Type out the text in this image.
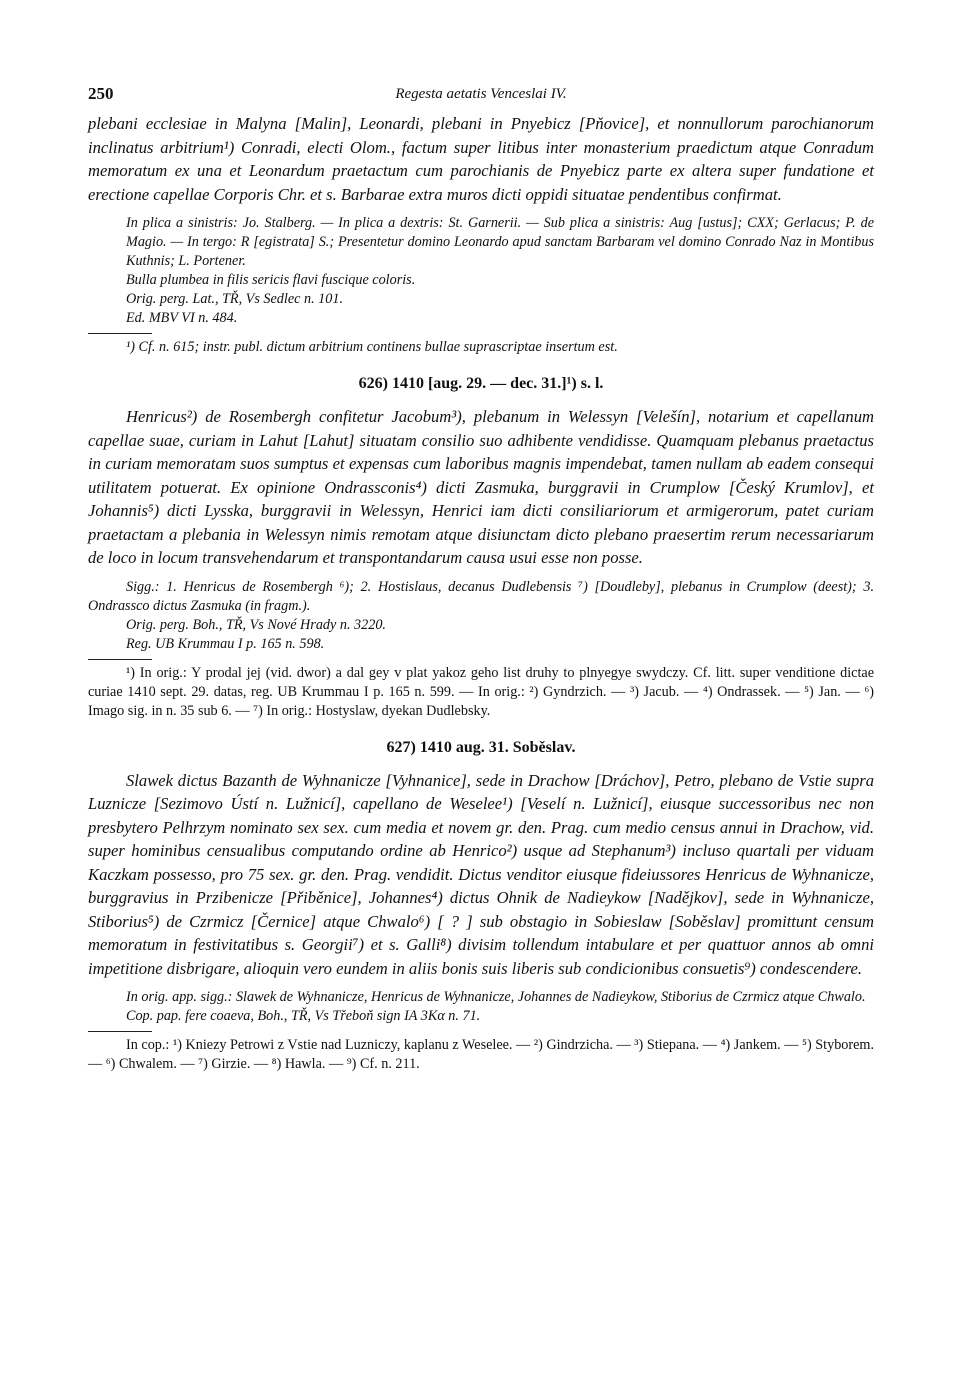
250	Regesta aetatis Venceslai IV.

plebani ecclesiae in Malyna [Malin], Leonardi, plebani in Pnyebicz [Pňovice], et nonnullorum parochianorum inclinatus arbitrium¹) Conradi, electi Olom., factum super litibus inter monasterium praedictum atque Conradum memoratum ex una et Leonardum praetactum cum parochianis de Pnyebicz parte ex altera super fundatione et erectione capellae Corporis Chr. et s. Barbarae extra muros dicti oppidi situatae pendentibus confirmat.

In plica a sinistris: Jo. Stalberg. — In plica a dextris: St. Garnerii. — Sub plica a sinistris: Aug [ustus]; CXX; Gerlacus; P. de Magio. — In tergo: R [egistrata] S.; Presentetur domino Leonardo apud sanctam Barbaram vel domino Conrado Naz in Montibus Kuthnis; L. Portener.

Bulla plumbea in filis sericis flavi fuscique coloris.

Orig. perg. Lat., TŘ, Vs Sedlec n. 101.

Ed. MBV VI n. 484.

¹) Cf. n. 615; instr. publ. dictum arbitrium continens bullae suprascriptae insertum est.

626) 1410 [aug. 29. — dec. 31.]¹) s. l.

Henricus²) de Rosembergh confitetur Jacobum³), plebanum in Welessyn [Velešín], notarium et capellanum capellae suae, curiam in Lahut [Lahut] situatam consilio suo adhibente vendidisse. Quamquam plebanus praetactus in curiam memoratam suos sumptus et expensas cum laboribus magnis impendebat, tamen nullam ab eadem consequi utilitatem potuerat. Ex opinione Ondrassconis⁴) dicti Zasmuka, burggravii in Crumplow [Český Krumlov], et Johannis⁵) dicti Lysska, burggravii in Welessyn, Henrici iam dicti consiliariorum et armigerorum, patet curiam praetactam a plebania in Welessyn nimis remotam atque disiunctam dicto plebano praesertim rerum necessariarum de loco in locum transvehendarum et transpontandarum causa usui esse non posse.

Sigg.: 1. Henricus de Rosembergh ⁶); 2. Hostislaus, decanus Dudlebensis ⁷) [Doudleby], plebanus in Crumplow (deest); 3. Ondrassco dictus Zasmuka (in fragm.).

Orig. perg. Boh., TŘ, Vs Nové Hrady n. 3220.

Reg. UB Krummau I p. 165 n. 598.

¹) In orig.: Y prodal jej (vid. dwor) a dal gey v plat yakoz geho list druhy to plnyegye swydczy. Cf. litt. super venditione dictae curiae 1410 sept. 29. datas, reg. UB Krummau I p. 165 n. 599. — In orig.: ²) Gyndrzich. — ³) Jacub. — ⁴) Ondrassek. — ⁵) Jan. — ⁶) Imago sig. in n. 35 sub 6. — ⁷) In orig.: Hostyslaw, dyekan Dudlebsky.

627) 1410 aug. 31. Soběslav.

Slawek dictus Bazanth de Wyhnanicze [Vyhnanice], sede in Drachow [Dráchov], Petro, plebano de Vstie supra Luznicze [Sezimovo Ústí n. Lužnicí], capellano de Weselee¹) [Veselí n. Lužnicí], eiusque successoribus nec non presbytero Pelhrzym nominato sex sex. cum media et novem gr. den. Prag. cum medio census annui in Drachow, vid. super hominibus censualibus computando ordine ab Henrico²) usque ad Stephanum³) incluso quartali per viduam Kaczkam possesso, pro 75 sex. gr. den. Prag. vendidit. Dictus venditor eiusque fideiussores Henricus de Wyhnanicze, burggravius in Przibenicze [Přiběnice], Johannes⁴) dictus Ohnik de Nadieykow [Nadějkov], sede in Wyhnanicze, Stiborius⁵) de Czrmicz [Černice] atque Chwalo⁶) [ ? ] sub obstagio in Sobieslaw [Soběslav] promittunt censum memoratum in festivitatibus s. Georgii⁷) et s. Galli⁸) divisim tollendum intabulare et per quattuor annos ab omni impetitione disbrigare, alioquin vero eundem in aliis bonis suis liberis sub condicionibus consuetis⁹) condescendere.

In orig. app. sigg.: Slawek de Wyhnanicze, Henricus de Wyhnanicze, Johannes de Nadieykow, Stiborius de Czrmicz atque Chwalo.

Cop. pap. fere coaeva, Boh., TŘ, Vs Třeboň sign IA 3Kα n. 71.

In cop.: ¹) Kniezy Petrowi z Vstie nad Luzniczy, kaplanu z Weselee. — ²) Gindrzicha. — ³) Stiepana. — ⁴) Jankem. — ⁵) Styborem. — ⁶) Chwalem. — ⁷) Girzie. — ⁸) Hawla. — ⁹) Cf. n. 211.
